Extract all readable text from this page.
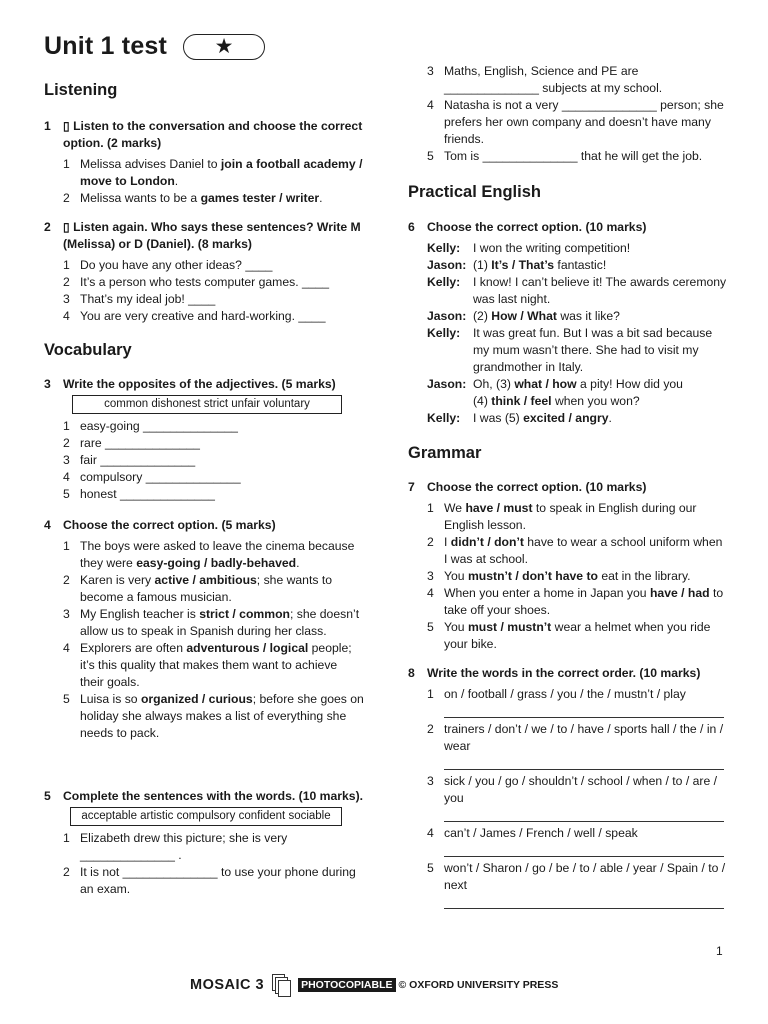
Unit 1 test	★
Listening
1	▯ Listen to the conversation and choose the correct option. (2 marks)
1 Melissa advises Daniel to join a football academy / move to London.
2 Melissa wants to be a games tester / writer.
2	▯ Listen again. Who says these sentences? Write M (Melissa) or D (Daniel). (8 marks)
1 Do you have any other ideas? ____
2 It’s a person who tests computer games. ____
3 That’s my ideal job! ____
4 You are very creative and hard-working. ____
Vocabulary
3	Write the opposites of the adjectives. (5 marks)
common dishonest strict unfair voluntary
1 easy-going ______________
2 rare ______________
3 fair ______________
4 compulsory ______________
5 honest ______________
4	Choose the correct option. (5 marks)
1 The boys were asked to leave the cinema because they were easy-going / badly-behaved.
2 Karen is very active / ambitious; she wants to become a famous musician.
3 My English teacher is strict / common; she doesn’t allow us to speak in Spanish during her class.
4 Explorers are often adventurous / logical people; it’s this quality that makes them want to achieve their goals.
5 Luisa is so organized / curious; before she goes on holiday she always makes a list of everything she needs to pack.
5	Complete the sentences with the words. (10 marks).
acceptable artistic compulsory confident sociable
1 Elizabeth drew this picture; she is very ______________ .
2 It is not ______________ to use your phone during an exam.
3 Maths, English, Science and PE are ______________ subjects at my school.
4 Natasha is not a very ______________ person; she prefers her own company and doesn’t have many friends.
5 Tom is ______________ that he will get the job.
Practical English
6	Choose the correct option. (10 marks)
Kelly:	I won the writing competition!
Jason: (1) It’s / That’s fantastic!
Kelly:	I know! I can’t believe it! The awards ceremony was last night.
Jason: (2) How / What was it like?
Kelly:	It was great fun. But I was a bit sad because my mum wasn’t there. She had to visit my grandmother in Italy.
Jason: Oh, (3) what / how a pity! How did you
(4) think / feel when you won?
Kelly:	I was (5) excited / angry.
Grammar
7	Choose the correct option. (10 marks)
1 We have / must to speak in English during our English lesson.
2 I didn’t / don’t have to wear a school uniform when I was at school.
3 You mustn’t / don’t have to eat in the library.
4 When you enter a home in Japan you have / had to take off your shoes.
5 You must / mustn’t wear a helmet when you ride your bike.
8	Write the words in the correct order. (10 marks)
1 on / football / grass / you / the / mustn’t / play
2 trainers / don’t / we / to / have / sports hall / the / in / wear
3 sick / you / go / shouldn’t / school / when / to / are / you
4 can’t / James / French / well / speak
5 won’t / Sharon / go / be / to / able / year / Spain / to / next
1
MOSAIC 3	PHOTOCOPIABLE © OXFORD UNIVERSITY PRESS
